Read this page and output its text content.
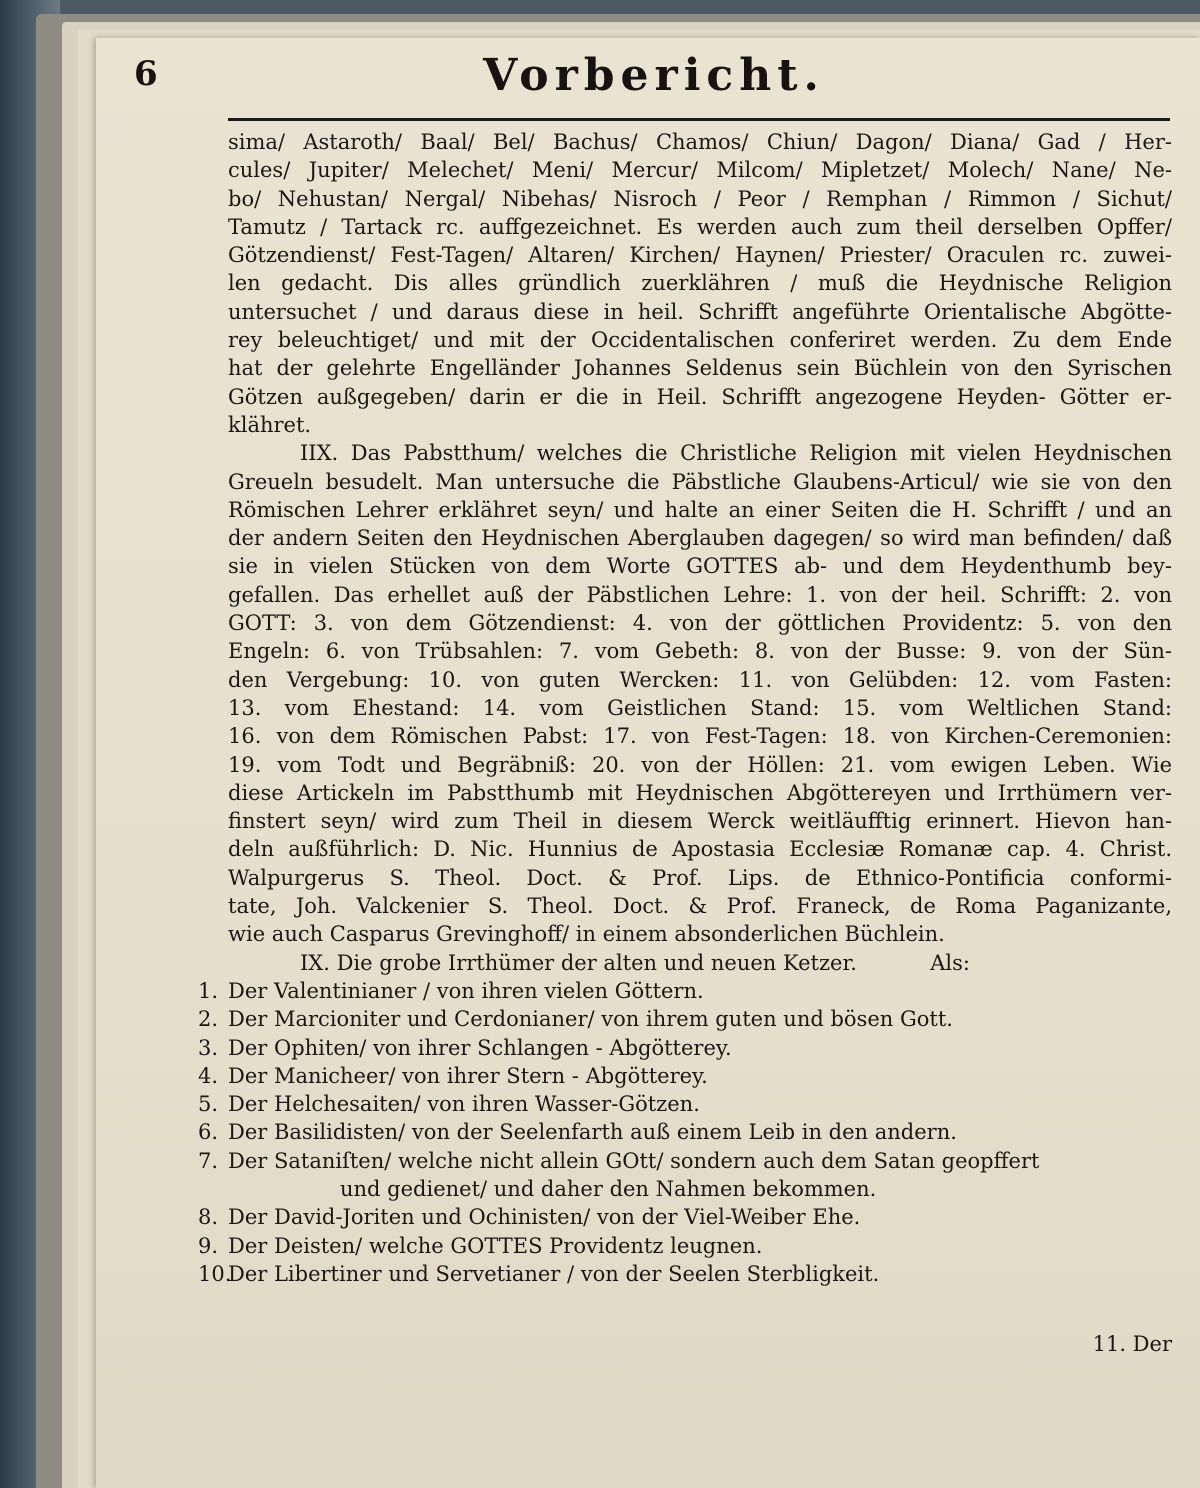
6	Vorbericht.
sima/ Astaroth/ Baal/ Bel/ Bachus/ Chamos/ Chiun/ Dagon/ Diana/ Gad / Her-
cules/ Jupiter/ Melechet/ Meni/ Mercur/ Milcom/ Mipletzet/ Molech/ Nane/ Ne-
bo/ Nehustan/ Nergal/ Nibehas/ Nisroch / Peor / Remphan / Rimmon / Sichut/
Tamutz / Tartack rc. auffgezeichnet. Es werden auch zum theil derselben Opffer/
Götzendienst/ Fest-Tagen/ Altaren/ Kirchen/ Haynen/ Priester/ Oraculen rc. zuwei-
len gedacht. Dis alles gründlich zuerklähren / muß die Heydnische Religion
untersuchet / und daraus diese in heil. Schrifft angeführte Orientalische Abgötte-
rey beleuchtiget/ und mit der Occidentalischen conferiret werden. Zu dem Ende
hat der gelehrte Engelländer Johannes Seldenus sein Büchlein von den Syrischen
Götzen außgegeben/ darin er die in Heil. Schrifft angezogene Heyden- Götter er-
klähret.
IIX. Das Pabstthum/ welches die Christliche Religion mit vielen Heydnischen
Greueln besudelt. Man untersuche die Päbstliche Glaubens-Articul/ wie sie von den
Römischen Lehrer erklähret seyn/ und halte an einer Seiten die H. Schrifft / und an
der andern Seiten den Heydnischen Aberglauben dagegen/ so wird man befinden/ daß
sie in vielen Stücken von dem Worte GOTTES ab- und dem Heydenthumb bey-
gefallen. Das erhellet auß der Päbstlichen Lehre: 1. von der heil. Schrifft: 2. von
GOTT: 3. von dem Götzendienst: 4. von der göttlichen Providentz: 5. von den
Engeln: 6. von Trübsahlen: 7. vom Gebeth: 8. von der Busse: 9. von der Sün-
den Vergebung: 10. von guten Wercken: 11. von Gelübden: 12. vom Fasten:
13. vom Ehestand: 14. vom Geistlichen Stand: 15. vom Weltlichen Stand:
16. von dem Römischen Pabst: 17. von Fest-Tagen: 18. von Kirchen-Ceremonien:
19. vom Todt und Begräbniß: 20. von der Höllen: 21. vom ewigen Leben. Wie
diese Artickeln im Pabstthumb mit Heydnischen Abgöttereyen und Irrthümern ver-
finstert seyn/ wird zum Theil in diesem Werck weitläufftig erinnert. Hievon han-
deln außführlich: D. Nic. Hunnius de Apostasia Ecclesiæ Romanæ cap. 4. Christ.
Walpurgerus S. Theol. Doct. & Prof. Lips. de Ethnico-Pontificia conformi-
tate, Joh. Valckenier S. Theol. Doct. & Prof. Franeck, de Roma Paganizante,
wie auch Casparus Grevinghoff/ in einem absonderlichen Büchlein.
IX. Die grobe Irrthümer der alten und neuen Ketzer.	Als:
1. Der Valentinianer / von ihren vielen Göttern.
2. Der Marcioniter und Cerdonianer/ von ihrem guten und bösen Gott.
3. Der Ophiten/ von ihrer Schlangen - Abgötterey.
4. Der Manicheer/ von ihrer Stern - Abgötterey.
5. Der Helchesaiten/ von ihren Wasser-Götzen.
6. Der Basilidisten/ von der Seelenfarth auß einem Leib in den andern.
7. Der Sataniſten/ welche nicht allein GOtt/ sondern auch dem Satan geopffert
und gedienet/ und daher den Nahmen bekommen.
8. Der David-Joriten und Ochinisten/ von der Viel-Weiber Ehe.
9. Der Deisten/ welche GOTTES Providentz leugnen.
10.Der Libertiner und Servetianer / von der Seelen Sterbligkeit.
11. Der
